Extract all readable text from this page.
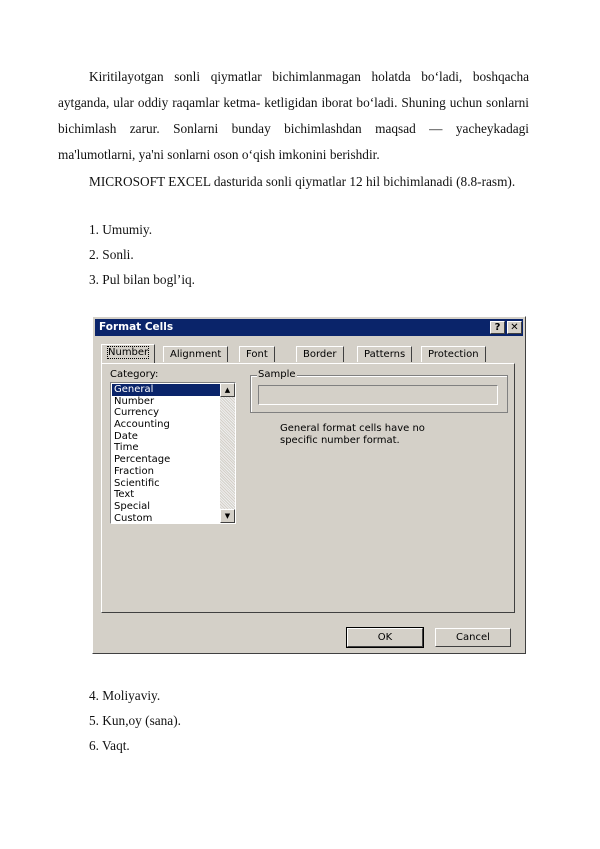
Kiritilayotgan sonli qiymatlar bichimlanmagan holatda bo‘ladi, boshqacha aytganda, ular oddiy raqamlar ketma- ketligidan iborat bo‘ladi. Shuning uchun sonlarni bichimlash zarur. Sonlarni bunday bichimlashdan maqsad — yacheykadagi ma'lumotlarni, ya'ni sonlarni oson o‘qish imkonini berishdir.

MICROSOFT EXCEL dasturida sonli qiymatlar 12 hil bichimlanadi (8.8-rasm).

1. Umumiy.

2. Sonli.

3. Pul bilan bogl’iq.

Format Cells	? ✕
Number	Alignment	Font	Border	Patterns	Protection
Category:
General
Number
Currency
Accounting
Date
Time
Percentage
Fraction
Scientific
Text
Special
Custom
▲
▼
Sample
General format cells have no
specific number format.
OK	Cancel

4. Moliyaviy.

5. Kun,oy (sana).

6. Vaqt.
